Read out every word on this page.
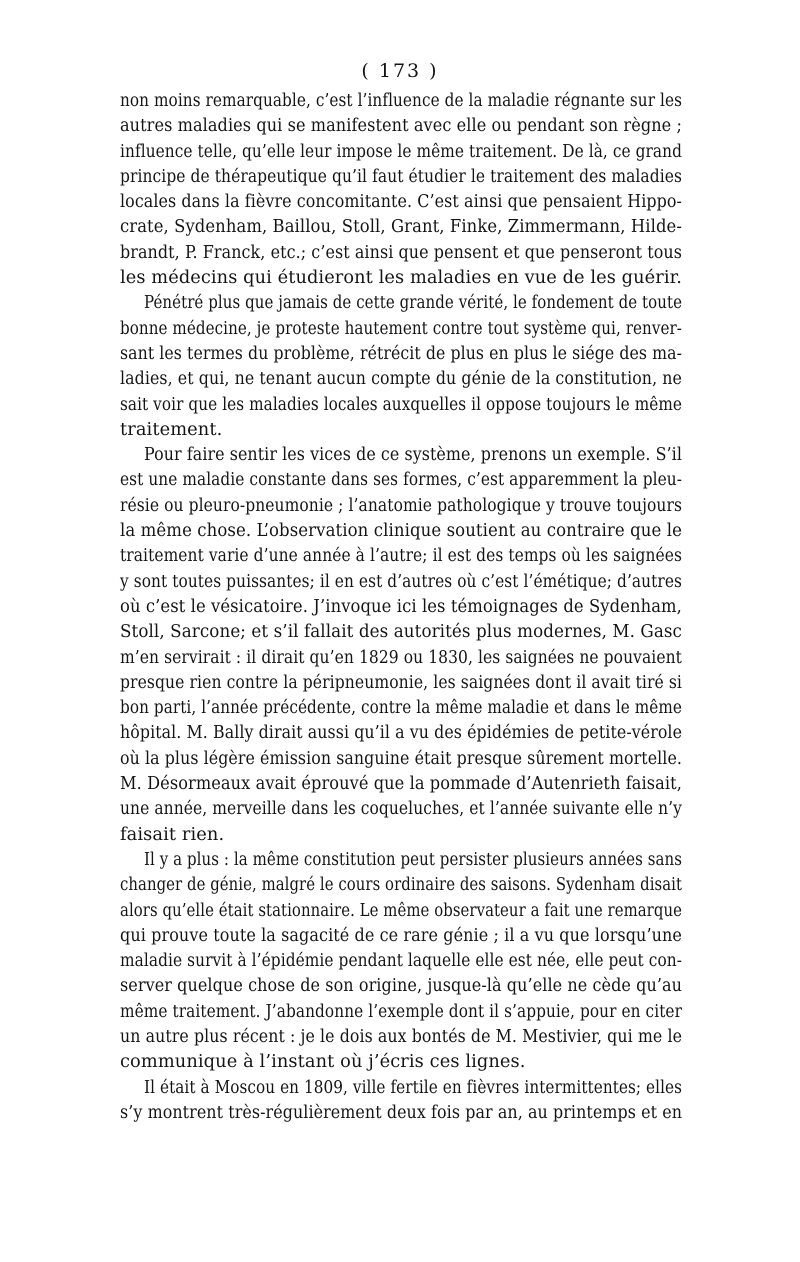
( 173 )
non moins remarquable, c’est l’influence de la maladie régnante sur les
autres maladies qui se manifestent avec elle ou pendant son règne ;
influence telle, qu’elle leur impose le même traitement. De là, ce grand
principe de thérapeutique qu’il faut étudier le traitement des maladies
locales dans la fièvre concomitante. C’est ainsi que pensaient Hippo-
crate, Sydenham, Baillou, Stoll, Grant, Finke, Zimmermann, Hilde-
brandt, P. Franck, etc.; c’est ainsi que pensent et que penseront tous
les médecins qui étudieront les maladies en vue de les guérir.
Pénétré plus que jamais de cette grande vérité, le fondement de toute
bonne médecine, je proteste hautement contre tout système qui, renver-
sant les termes du problème, rétrécit de plus en plus le siége des ma-
ladies, et qui, ne tenant aucun compte du génie de la constitution, ne
sait voir que les maladies locales auxquelles il oppose toujours le même
traitement.
Pour faire sentir les vices de ce système, prenons un exemple. S’il
est une maladie constante dans ses formes, c’est apparemment la pleu-
résie ou pleuro-pneumonie ; l’anatomie pathologique y trouve toujours
la même chose. L’observation clinique soutient au contraire que le
traitement varie d’une année à l’autre; il est des temps où les saignées
y sont toutes puissantes; il en est d’autres où c’est l’émétique; d’autres
où c’est le vésicatoire. J’invoque ici les témoignages de Sydenham,
Stoll, Sarcone; et s’il fallait des autorités plus modernes, M. Gasc
m’en servirait : il dirait qu’en 1829 ou 1830, les saignées ne pouvaient
presque rien contre la péripneumonie, les saignées dont il avait tiré si
bon parti, l’année précédente, contre la même maladie et dans le même
hôpital. M. Bally dirait aussi qu’il a vu des épidémies de petite-vérole
où la plus légère émission sanguine était presque sûrement mortelle.
M. Désormeaux avait éprouvé que la pommade d’Autenrieth faisait,
une année, merveille dans les coqueluches, et l’année suivante elle n’y
faisait rien.
Il y a plus : la même constitution peut persister plusieurs années sans
changer de génie, malgré le cours ordinaire des saisons. Sydenham disait
alors qu’elle était stationnaire. Le même observateur a fait une remarque
qui prouve toute la sagacité de ce rare génie ; il a vu que lorsqu’une
maladie survit à l’épidémie pendant laquelle elle est née, elle peut con-
server quelque chose de son origine, jusque-là qu’elle ne cède qu’au
même traitement. J’abandonne l’exemple dont il s’appuie, pour en citer
un autre plus récent : je le dois aux bontés de M. Mestivier, qui me le
communique à l’instant où j’écris ces lignes.
Il était à Moscou en 1809, ville fertile en fièvres intermittentes; elles
s’y montrent très-régulièrement deux fois par an, au printemps et en
